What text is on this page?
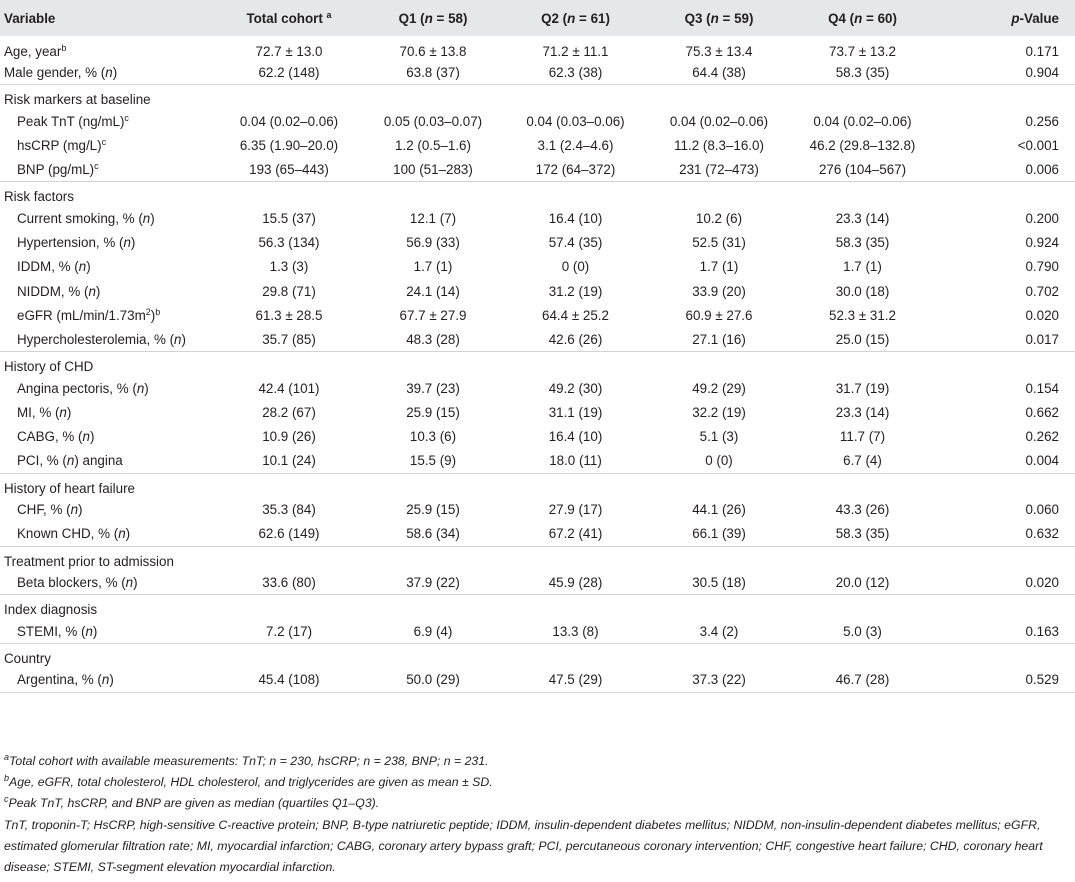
Variable	Total cohort $^a$	Q1 (n = 58)	Q2 (n = 61)	Q3 (n = 59)	Q4 (n = 60)	p-Value
Age, year$^b$	72.7 ± 13.0	70.6 ± 13.8	71.2 ± 11.1	75.3 ± 13.4	73.7 ± 13.2	0.171
Male gender, % (n)	62.2 (148)	63.8 (37)	62.3 (38)	64.4 (38)	58.3 (35)	0.904
Risk markers at baseline						
Peak TnT $(ng/mL)^c$	0.04 (0.02–0.06)	0.05 (0.03–0.07)	0.04 (0.03–0.06)	0.04 (0.02–0.06)	0.04 (0.02–0.06)	0.256
hsCRP $(mg/L)^c$	6.35 (1.90–20.0)	1.2 (0.5–1.6)	3.1 (2.4–4.6)	11.2 (8.3–16.0)	46.2 (29.8–132.8)	<0.001
BNP $(pg/mL)^c$	193 (65–443)	100 (51–283)	172 (64–372)	231 (72–473)	276 (104–567)	0.006
Risk factors						
Current smoking, % (n)	15.5 (37)	12.1 (7)	16.4 (10)	10.2 (6)	23.3 (14)	0.200
Hypertension, % (n)	56.3 (134)	56.9 (33)	57.4 (35)	52.5 (31)	58.3 (35)	0.924
IDDM, % (n)	1.3 (3)	1.7 (1)	0 (0)	1.7 (1)	1.7 (1)	0.790
NIDDM, % (n)	29.8 (71)	24.1 (14)	31.2 (19)	33.9 (20)	30.0 (18)	0.702
eGFR $(mL/\min/1.73m^2)^b$	61.3 ± 28.5	67.7 ± 27.9	64.4 ± 25.2	60.9 ± 27.6	52.3 ± 31.2	0.020
Hypercholesterolemia, % (n)	35.7 (85)	48.3 (28)	42.6 (26)	27.1 (16)	25.0 (15)	0.017
History of CHD						
Angina pectoris, % (n)	42.4 (101)	39.7 (23)	49.2 (30)	49.2 (29)	31.7 (19)	0.154
MI, % (n)	28.2 (67)	25.9 (15)	31.1 (19)	32.2 (19)	23.3 (14)	0.662
CABG, % (n)	10.9 (26)	10.3 (6)	16.4 (10)	5.1 (3)	11.7 (7)	0.262
PCI, % (n) angina	10.1 (24)	15.5 (9)	18.0 (11)	0 (0)	6.7 (4)	0.004
History of heart failure						
CHF, % (n)	35.3 (84)	25.9 (15)	27.9 (17)	44.1 (26)	43.3 (26)	0.060
Known CHD, % (n)	62.6 (149)	58.6 (34)	67.2 (41)	66.1 (39)	58.3 (35)	0.632
Treatment prior to admission						
Beta blockers, % (n)	33.6 (80)	37.9 (22)	45.9 (28)	30.5 (18)	20.0 (12)	0.020
Index diagnosis						
STEMI, % (n)	7.2 (17)	6.9 (4)	13.3 (8)	3.4 (2)	5.0 (3)	0.163
Country						
Argentina, % (n)	45.4 (108)	50.0 (29)	47.5 (29)	37.3 (22)	46.7 (28)	0.529

$^a$Total cohort with available measurements: TnT; n = 230, hsCRP; n = 238, BNP; n = 231.

$^b$Age, eGFR, total cholesterol, HDL cholesterol, and triglycerides are given as mean ± SD.

$^c$Peak TnT, hsCRP, and BNP are given as median (quartiles Q1–Q3).

TnT, troponin-T; HsCRP, high-sensitive C-reactive protein; BNP, B-type natriuretic peptide; IDDM, insulin-dependent diabetes mellitus; NIDDM, non-insulin-dependent diabetes mellitus; eGFR, estimated glomerular filtration rate; MI, myocardial infarction; CABG, coronary artery bypass graft; PCI, percutaneous coronary intervention; CHF, congestive heart failure; CHD, coronary heart disease; STEMI, ST-segment elevation myocardial infarction.
